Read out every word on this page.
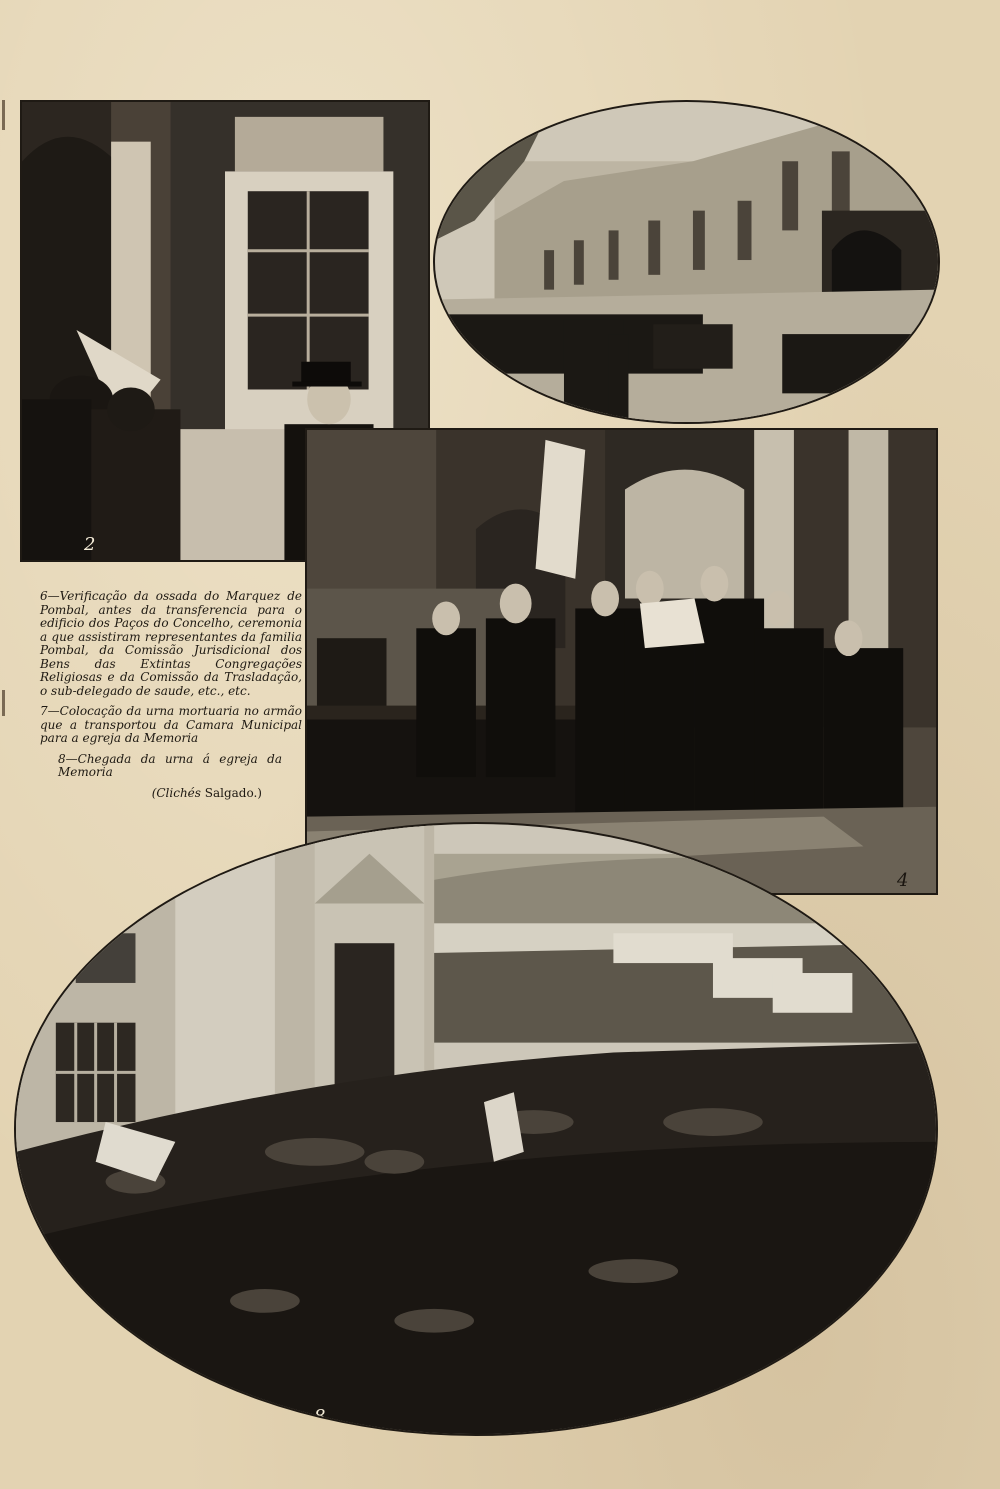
2
5

6—Verificação da ossada do Marquez de Pombal, antes da transferencia para o edificio dos Paços do Concelho, ceremonia a que assistiram representantes da familia Pombal, da Comissão Jurisdicional dos Bens das Extintas Congregações Religiosas e da Comissão da Trasladação, o sub-delegado de saude, etc., etc.

7—Colocação da urna mortuaria no armão que a transportou da Camara Municipal para a egreja da Memoria

8—Chegada da urna á egreja da Memoria

(Clichés Salgado.)

8
